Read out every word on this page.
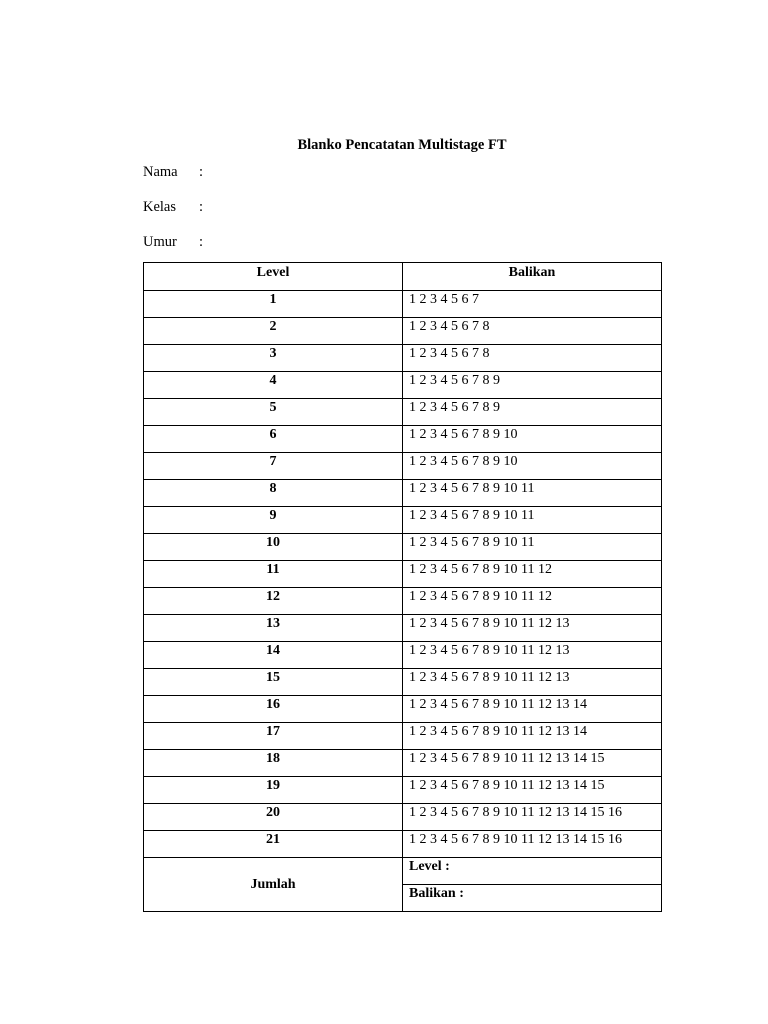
Blanko Pencatatan Multistage FT
Nama :
Kelas :
Umur :
Level	Balikan
1	1 2 3 4 5 6 7
2	1 2 3 4 5 6 7 8
3	1 2 3 4 5 6 7 8
4	1 2 3 4 5 6 7 8 9
5	1 2 3 4 5 6 7 8 9
6	1 2 3 4 5 6 7 8 9 10
7	1 2 3 4 5 6 7 8 9 10
8	1 2 3 4 5 6 7 8 9 10 11
9	1 2 3 4 5 6 7 8 9 10 11
10	1 2 3 4 5 6 7 8 9 10 11
11	1 2 3 4 5 6 7 8 9 10 11 12
12	1 2 3 4 5 6 7 8 9 10 11 12
13	1 2 3 4 5 6 7 8 9 10 11 12 13
14	1 2 3 4 5 6 7 8 9 10 11 12 13
15	1 2 3 4 5 6 7 8 9 10 11 12 13
16	1 2 3 4 5 6 7 8 9 10 11 12 13 14
17	1 2 3 4 5 6 7 8 9 10 11 12 13 14
18	1 2 3 4 5 6 7 8 9 10 11 12 13 14 15
19	1 2 3 4 5 6 7 8 9 10 11 12 13 14 15
20	1 2 3 4 5 6 7 8 9 10 11 12 13 14 15 16
21	1 2 3 4 5 6 7 8 9 10 11 12 13 14 15 16
Jumlah	Level :
	Balikan :
